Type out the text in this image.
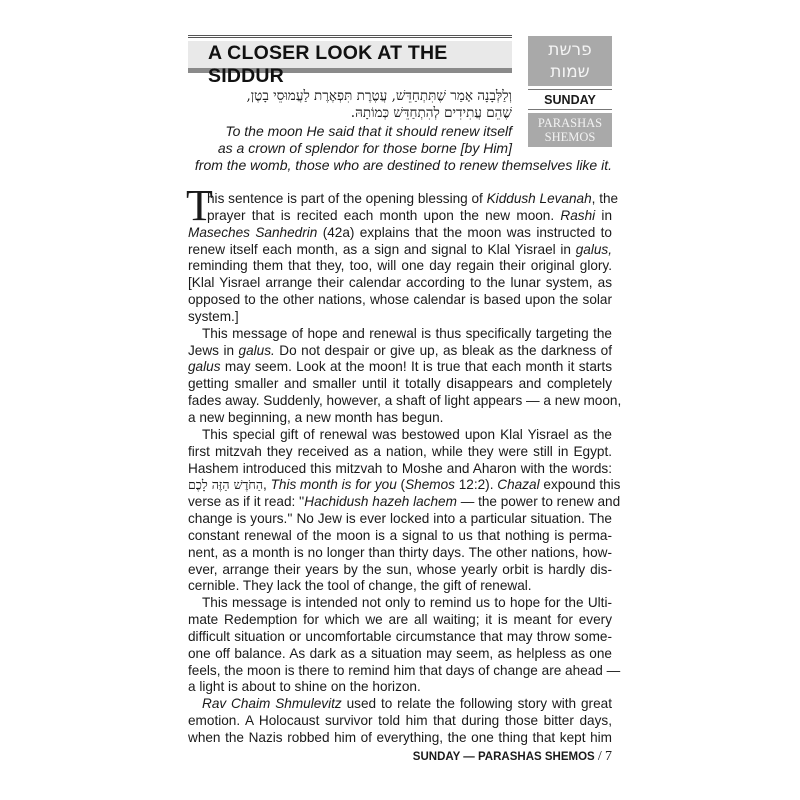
A CLOSER LOOK AT THE SIDDUR
פרשת
שמות
SUNDAY
PARASHAS
SHEMOS
וְלַלְּבָנָה אָמַר שֶׁתִּתְחַדֵּשׁ, עֲטֶרֶת תִּפְאֶרֶת לַעֲמוּסֵי בָטֶן,
שֶׁהֵם עֲתִידִים לְהִתְחַדֵּשׁ כְּמוֹתָהּ.
To the moon He said that it should renew itself
as a crown of splendor for those borne [by Him]
from the womb, those who are destined to renew themselves like it.
T
his sentence is part of the opening blessing of Kiddush Levanah, the
prayer that is recited each month upon the new moon. Rashi in
Maseches Sanhedrin (42a) explains that the moon was instructed to
renew itself each month, as a sign and signal to Klal Yisrael in galus,
reminding them that they, too, will one day regain their original glory.
[Klal Yisrael arrange their calendar according to the lunar system, as
opposed to the other nations, whose calendar is based upon the solar
system.]
This message of hope and renewal is thus specifically targeting the
Jews in galus. Do not despair or give up, as bleak as the darkness of
galus may seem. Look at the moon! It is true that each month it starts
getting smaller and smaller until it totally disappears and completely
fades away. Suddenly, however, a shaft of light appears — a new moon,
a new beginning, a new month has begun.
This special gift of renewal was bestowed upon Klal Yisrael as the
first mitzvah they received as a nation, while they were still in Egypt.
Hashem introduced this mitzvah to Moshe and Aharon with the words:
הַחֹדֶשׁ הַזֶּה לָכֶם, This month is for you (Shemos 12:2). Chazal expound this
verse as if it read: ''Hachidush hazeh lachem — the power to renew and
change is yours.'' No Jew is ever locked into a particular situation. The
constant renewal of the moon is a signal to us that nothing is perma-
nent, as a month is no longer than thirty days. The other nations, how-
ever, arrange their years by the sun, whose yearly orbit is hardly dis-
cernible. They lack the tool of change, the gift of renewal.
This message is intended not only to remind us to hope for the Ulti-
mate Redemption for which we are all waiting; it is meant for every
difficult situation or uncomfortable circumstance that may throw some-
one off balance. As dark as a situation may seem, as helpless as one
feels, the moon is there to remind him that days of change are ahead —
a light is about to shine on the horizon.
Rav Chaim Shmulevitz used to relate the following story with great
emotion. A Holocaust survivor told him that during those bitter days,
when the Nazis robbed him of everything, the one thing that kept him
SUNDAY — PARASHAS SHEMOS / 7
